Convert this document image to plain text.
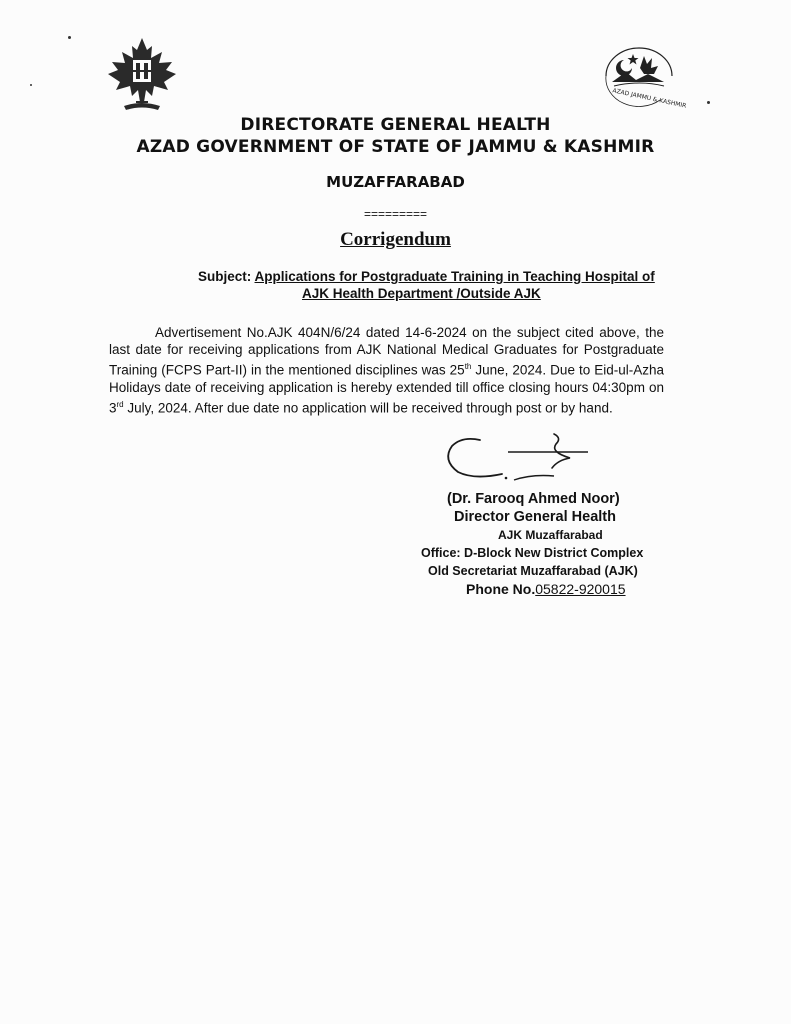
AZAD JAMMU & KASHMIR
DIRECTORATE GENERAL HEALTH
AZAD GOVERNMENT OF STATE OF JAMMU & KASHMIR
MUZAFFARABAD
=========
Corrigendum
Subject: Applications for Postgraduate Training in Teaching Hospital of
AJK Health Department /Outside AJK
Advertisement No.AJK 404N/6/24 dated 14-6-2024 on the subject cited above, the last date for receiving applications from AJK National Medical Graduates for Postgraduate Training (FCPS Part-II) in the mentioned disciplines was 25th June, 2024. Due to Eid-ul-Azha Holidays date of receiving application is hereby extended till office closing hours 04:30pm on 3rd July, 2024. After due date no application will be received through post or by hand.
(Dr. Farooq Ahmed Noor)
Director General Health
AJK Muzaffarabad
Office: D-Block New District Complex
Old Secretariat Muzaffarabad (AJK)
Phone No.05822-920015
